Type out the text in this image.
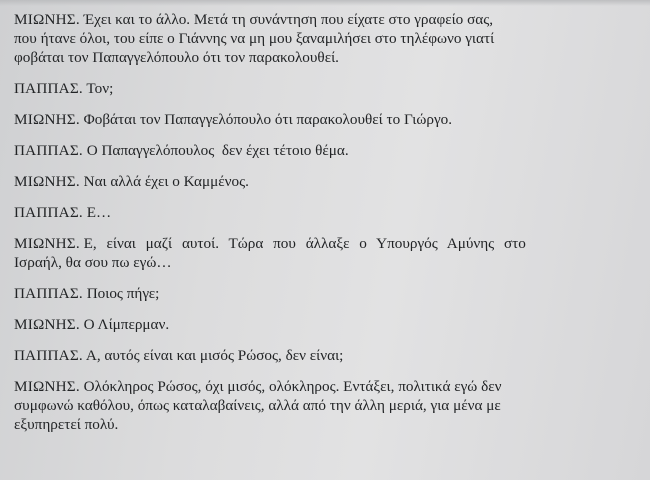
ΜΙΩΝΗΣ. Έχει και το άλλο. Μετά τη συνάντηση που είχατε στο γραφείο σας,
που ήτανε όλοι, του είπε ο Γιάννης να μη μου ξαναμιλήσει στο τηλέφωνο γιατί
φοβάται τον Παπαγγελόπουλο ότι τον παρακολουθεί.

ΠΑΠΠΑΣ. Τον;

ΜΙΩΝΗΣ. Φοβάται τον Παπαγγελόπουλο ότι παρακολουθεί το Γιώργο.

ΠΑΠΠΑΣ. Ο Παπαγγελόπουλος  δεν έχει τέτοιο θέμα.

ΜΙΩΝΗΣ. Ναι αλλά έχει ο Καμμένος.

ΠΑΠΠΑΣ. Ε…

ΜΙΩΝΗΣ. Ε, είναι μαζί αυτοί. Τώρα που άλλαξε ο Υπουργός Αμύνης στο
Ισραήλ, θα σου πω εγώ…

ΠΑΠΠΑΣ. Ποιος πήγε;

ΜΙΩΝΗΣ. Ο Λίμπερμαν.

ΠΑΠΠΑΣ. Α, αυτός είναι και μισός Ρώσος, δεν είναι;

ΜΙΩΝΗΣ. Ολόκληρος Ρώσος, όχι μισός, ολόκληρος. Εντάξει, πολιτικά εγώ δεν
συμφωνώ καθόλου, όπως καταλαβαίνεις, αλλά από την άλλη μεριά, για μένα με
εξυπηρετεί πολύ.
